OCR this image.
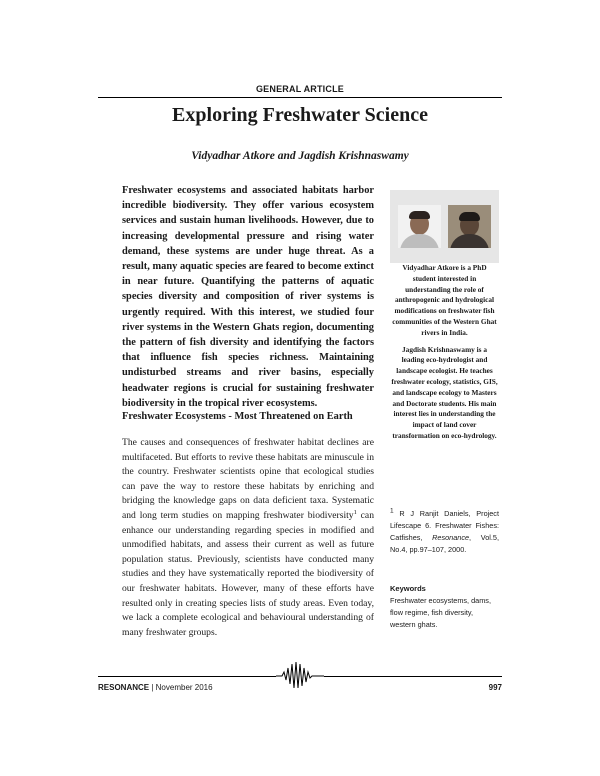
GENERAL ARTICLE
Exploring Freshwater Science
Vidyadhar Atkore and Jagdish Krishnaswamy
Freshwater ecosystems and associated habitats harbor incredible biodiversity. They offer various ecosystem services and sustain human livelihoods. However, due to increasing developmental pressure and rising water demand, these systems are under huge threat. As a result, many aquatic species are feared to become extinct in near future. Quantifying the patterns of aquatic species diversity and composition of river systems is urgently required. With this interest, we studied four river systems in the Western Ghats region, documenting the pattern of fish diversity and identifying the factors that influence fish species richness. Maintaining undisturbed streams and river basins, especially headwater regions is crucial for sustaining freshwater biodiversity in the tropical river ecosystems.
Freshwater Ecosystems - Most Threatened on Earth

The causes and consequences of freshwater habitat declines are multifaceted. But efforts to revive these habitats are minuscule in the country. Freshwater scientists opine that ecological studies can pave the way to restore these habitats by enriching and bridging the knowledge gaps on data deficient taxa. Systematic and long term studies on mapping freshwater biodiversity$^1$ can enhance our understanding regarding species in modified and unmodified habitats, and assess their current as well as future population status. Previously, scientists have conducted many studies and they have systematically reported the biodiversity of our freshwater habitats. However, many of these efforts have resulted only in creating species lists of study areas. Even today, we lack a complete ecological and behavioural understanding of many freshwater groups.

Vidyadhar Atkore is a PhD student interested in understanding the role of anthropogenic and hydrological modifications on freshwater fish communities of the Western Ghat rivers in India.

Jagdish Krishnaswamy is a leading eco-hydrologist and landscape ecologist. He teaches freshwater ecology, statistics, GIS, and landscape ecology to Masters and Doctorate students. His main interest lies in understanding the impact of land cover transformation on eco-hydrology.

$^1$ R J Ranjit Daniels, Project Lifescape 6. Freshwater Fishes: Catfishes, Resonance, Vol.5, No.4, pp.97–107, 2000.
Keywords
Freshwater ecosystems, dams, flow regime, fish diversity, western ghats.
RESONANCE | November 2016	997
